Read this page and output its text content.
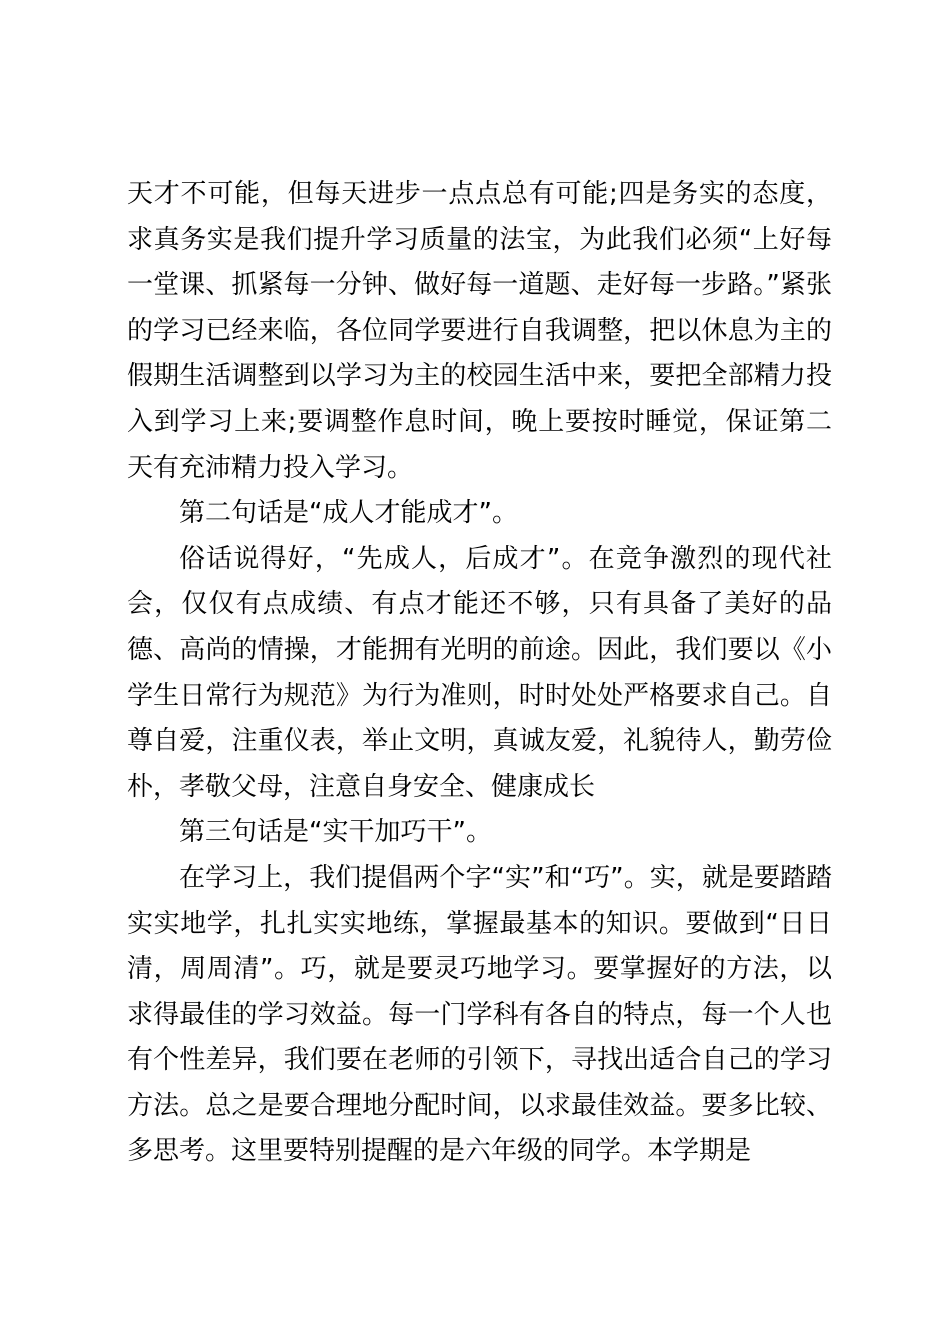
天才不可能，但每天进步一点点总有可能;四是务实的态度，求真务实是我们提升学习质量的法宝，为此我们必须“上好每一堂课、抓紧每一分钟、做好每一道题、走好每一步路。”紧张的学习已经来临，各位同学要进行自我调整，把以休息为主的假期生活调整到以学习为主的校园生活中来，要把全部精力投入到学习上来;要调整作息时间，晚上要按时睡觉，保证第二天有充沛精力投入学习。

第二句话是“成人才能成才”。

俗话说得好，“先成人，后成才”。在竞争激烈的现代社会，仅仅有点成绩、有点才能还不够，只有具备了美好的品德、高尚的情操，才能拥有光明的前途。因此，我们要以《小学生日常行为规范》为行为准则，时时处处严格要求自己。自尊自爱，注重仪表，举止文明，真诚友爱，礼貌待人，勤劳俭朴，孝敬父母，注意自身安全、健康成长

第三句话是“实干加巧干”。

在学习上，我们提倡两个字“实”和“巧”。实，就是要踏踏实实地学，扎扎实实地练，掌握最基本的知识。要做到“日日清，周周清”。巧，就是要灵巧地学习。要掌握好的方法，以求得最佳的学习效益。每一门学科有各自的特点，每一个人也有个性差异，我们要在老师的引领下，寻找出适合自己的学习方法。总之是要合理地分配时间，以求最佳效益。要多比较、多思考。这里要特别提醒的是六年级的同学。本学期是
